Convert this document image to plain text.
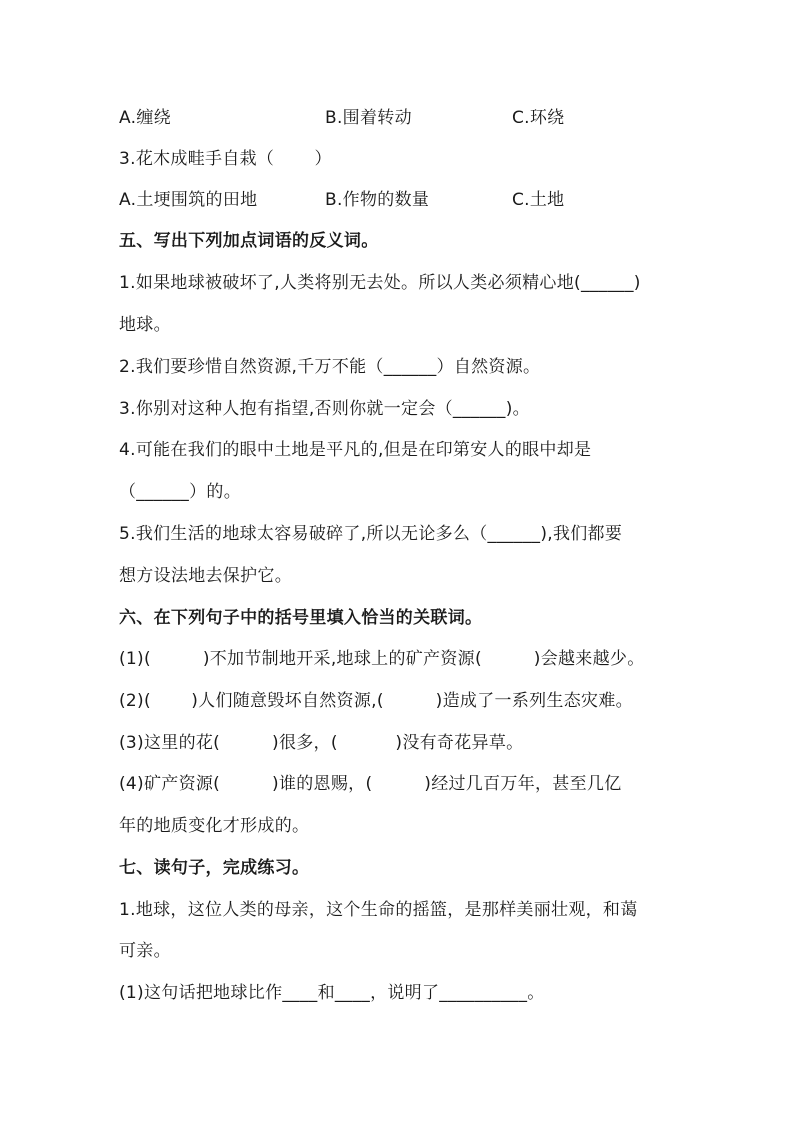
A.缠绕	B.围着转动	C.环绕
3.花木成畦手自栽（　　 ）
A.土埂围筑的田地	B.作物的数量	C.土地
五、写出下列加点词语的反义词。
1.如果地球被破坏了,人类将别无去处。所以人类必须精心地(______)
地球。
2.我们要珍惜自然资源,千万不能（______）自然资源。
3.你别对这种人抱有指望,否则你就一定会（______)。
4.可能在我们的眼中土地是平凡的,但是在印第安人的眼中却是
（______）的。
5.我们生活的地球太容易破碎了,所以无论多么（______),我们都要
想方设法地去保护它。
六、在下列句子中的括号里填入恰当的关联词。
(1)(　　　)不加节制地开采,地球上的矿产资源(　　　)会越来越少。
(2)(　　 )人们随意毁坏自然资源,(　　　)造成了一系列生态灾难。
(3)这里的花(　　　)很多，(　　　 )没有奇花异草。
(4)矿产资源(　　　)谁的恩赐，(　　　)经过几百万年，甚至几亿
年的地质变化才形成的。
七、读句子，完成练习。
1.地球，这位人类的母亲，这个生命的摇篮，是那样美丽壮观，和蔼
可亲。
(1)这句话把地球比作____和____，说明了__________。
